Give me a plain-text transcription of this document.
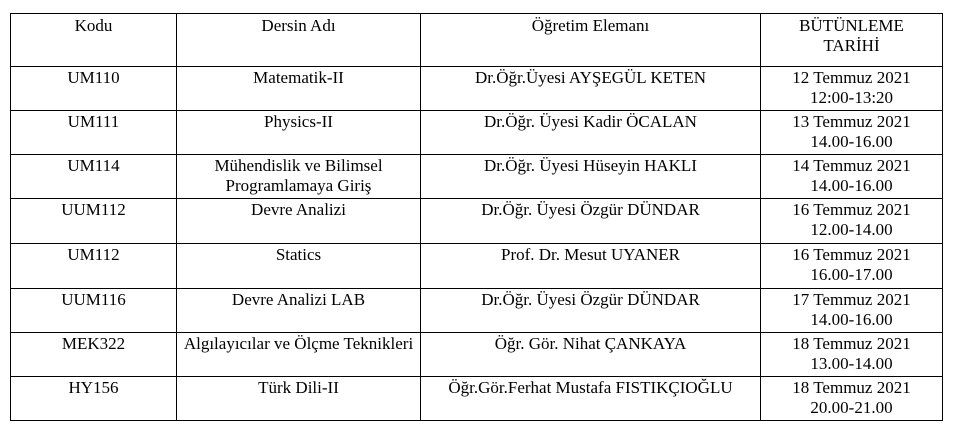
Kodu	Dersin Adı	Öğretim Elemanı	BÜTÜNLEME
TARİHİ

UM110	Matematik-II	Dr.Öğr.Üyesi AYŞEGÜL KETEN	12 Temmuz 2021
12:00-13:20

UM111	Physics-II	Dr.Öğr. Üyesi Kadir ÖCALAN	13 Temmuz 2021
14.00-16.00

UM114	Mühendislik ve Bilimsel Programlamaya Giriş	Dr.Öğr. Üyesi Hüseyin HAKLI	14 Temmuz 2021
14.00-16.00

UUM112	Devre Analizi	Dr.Öğr. Üyesi Özgür DÜNDAR	16 Temmuz 2021
12.00-14.00

UM112	Statics	Prof. Dr. Mesut UYANER	16 Temmuz 2021
16.00-17.00

UUM116	Devre Analizi LAB	Dr.Öğr. Üyesi Özgür DÜNDAR	17 Temmuz 2021
14.00-16.00

MEK322	Algılayıcılar ve Ölçme Teknikleri	Öğr. Gör. Nihat ÇANKAYA	18 Temmuz 2021
13.00-14.00

HY156	Türk Dili-II	Öğr.Gör.Ferhat Mustafa FISTIKÇIOĞLU	18 Temmuz 2021
20.00-21.00
